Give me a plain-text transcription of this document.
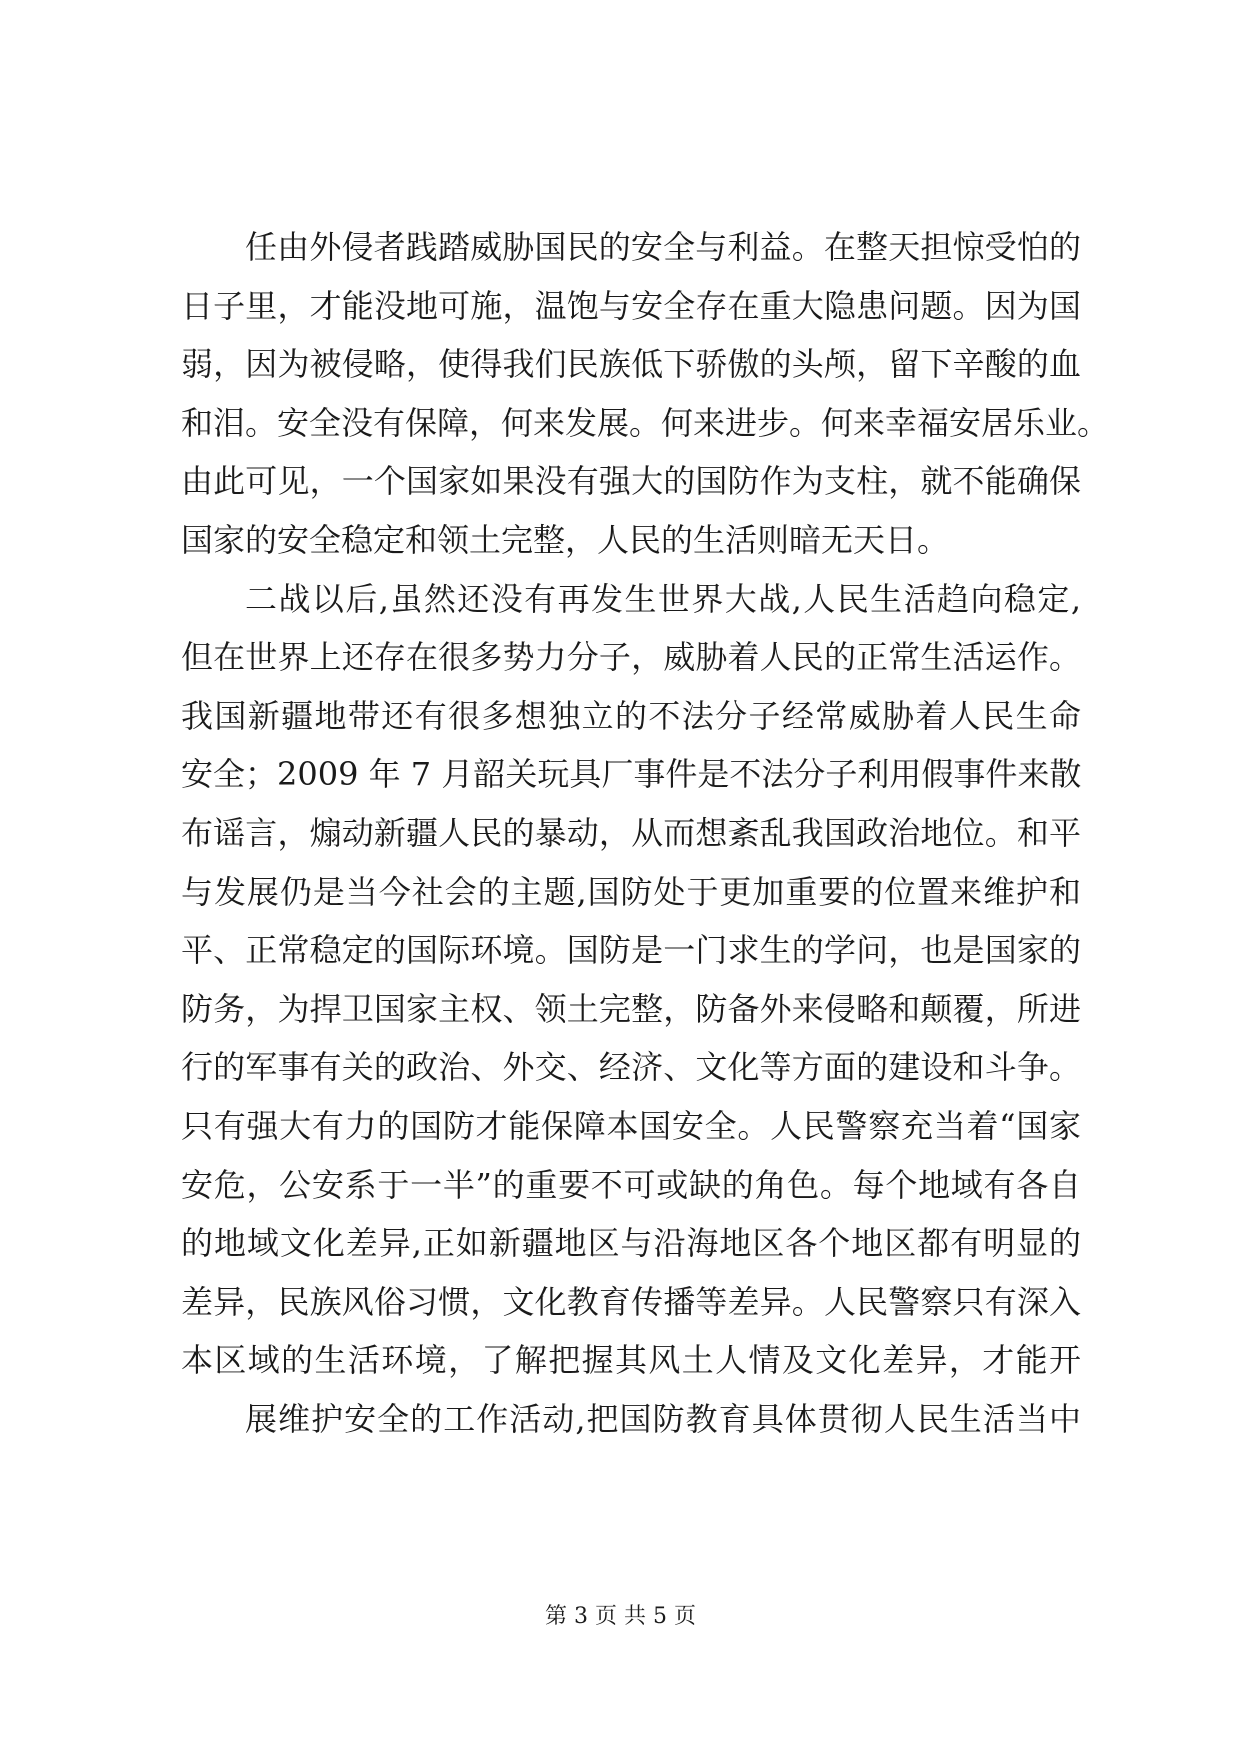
任由外侵者践踏威胁国民的安全与利益。在整天担惊受怕的
日子里，才能没地可施，温饱与安全存在重大隐患问题。因为国
弱，因为被侵略，使得我们民族低下骄傲的头颅，留下辛酸的血
和泪。安全没有保障，何来发展。何来进步。何来幸福安居乐业。
由此可见，一个国家如果没有强大的国防作为支柱，就不能确保
国家的安全稳定和领土完整，人民的生活则暗无天日。
二战以后,虽然还没有再发生世界大战,人民生活趋向稳定,
但在世界上还存在很多势力分子，威胁着人民的正常生活运作。
我国新疆地带还有很多想独立的不法分子经常威胁着人民生命
安全；2009 年 7 月韶关玩具厂事件是不法分子利用假事件来散
布谣言，煽动新疆人民的暴动，从而想紊乱我国政治地位。和平
与发展仍是当今社会的主题,国防处于更加重要的位置来维护和
平、正常稳定的国际环境。国防是一门求生的学问，也是国家的
防务，为捍卫国家主权、领土完整，防备外来侵略和颠覆，所进
行的军事有关的政治、外交、经济、文化等方面的建设和斗争。
只有强大有力的国防才能保障本国安全。人民警察充当着“国家
安危，公安系于一半”的重要不可或缺的角色。每个地域有各自
的地域文化差异,正如新疆地区与沿海地区各个地区都有明显的
差异，民族风俗习惯，文化教育传播等差异。人民警察只有深入
本区域的生活环境，了解把握其风土人情及文化差异，才能开
展维护安全的工作活动,把国防教育具体贯彻人民生活当中
第 3 页 共 5 页
